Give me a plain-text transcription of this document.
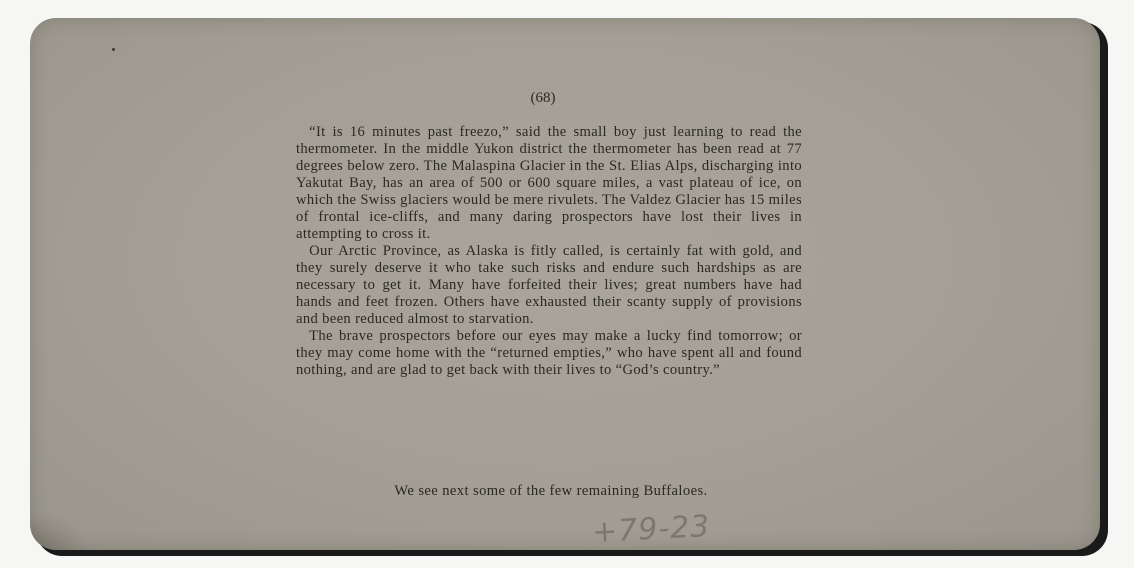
(68)

“It is 16 minutes past freezo,” said the small boy just learning to read the thermometer. In the middle Yukon district the thermometer has been read at 77 degrees below zero. The Malaspina Glacier in the St. Elias Alps, discharging into Yakutat Bay, has an area of 500 or 600 square miles, a vast plateau of ice, on which the Swiss glaciers would be mere rivulets. The Valdez Glacier has 15 miles of frontal ice-cliffs, and many daring prospectors have lost their lives in attempting to cross it.

Our Arctic Province, as Alaska is fitly called, is certainly fat with gold, and they surely deserve it who take such risks and endure such hardships as are necessary to get it. Many have forfeited their lives; great numbers have had hands and feet frozen. Others have exhausted their scanty supply of provisions and been reduced almost to starvation.

The brave prospectors before our eyes may make a lucky find tomorrow; or they may come home with the “returned empties,” who have spent all and found nothing, and are glad to get back with their lives to “God’s country.”

We see next some of the few remaining Buffaloes.
+79-23
